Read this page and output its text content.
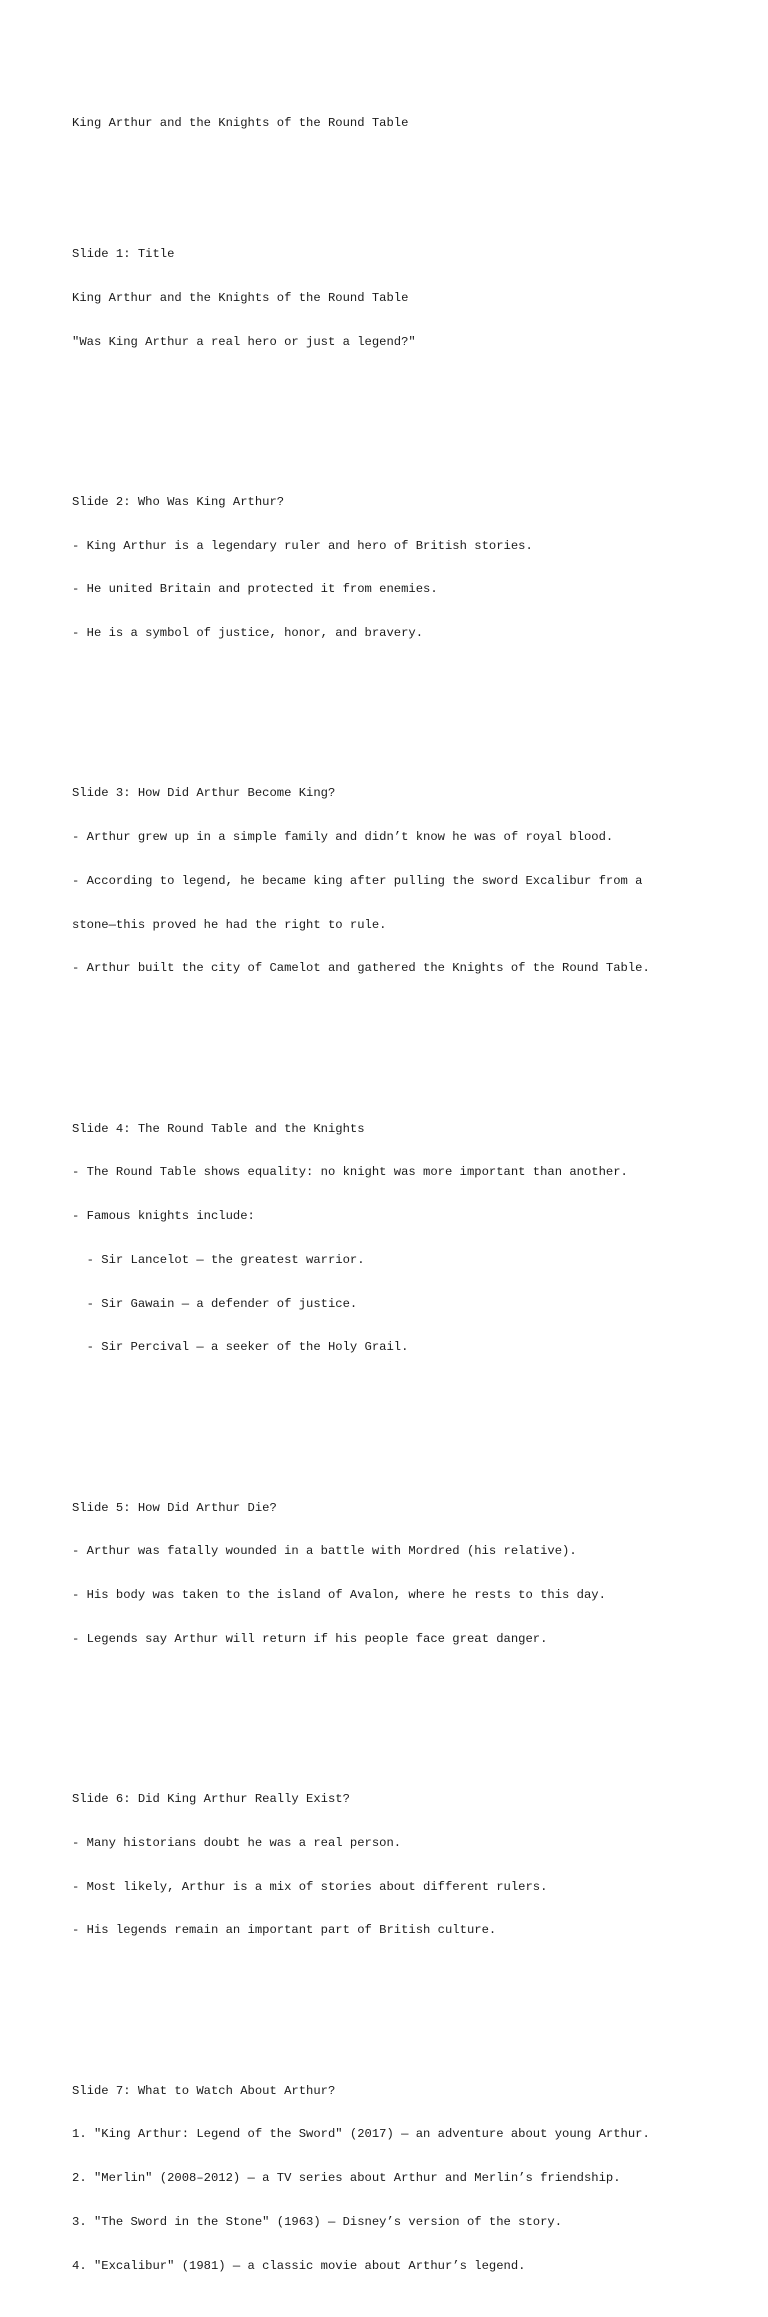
King Arthur and the Knights of the Round Table

Slide 1: Title

King Arthur and the Knights of the Round Table

"Was King Arthur a real hero or just a legend?"

Slide 2: Who Was King Arthur?

- King Arthur is a legendary ruler and hero of British stories.

- He united Britain and protected it from enemies.

- He is a symbol of justice, honor, and bravery.

Slide 3: How Did Arthur Become King?

- Arthur grew up in a simple family and didn’t know he was of royal blood.

- According to legend, he became king after pulling the sword Excalibur from a

stone—this proved he had the right to rule.

- Arthur built the city of Camelot and gathered the Knights of the Round Table.

Slide 4: The Round Table and the Knights

- The Round Table shows equality: no knight was more important than another.

- Famous knights include:

- Sir Lancelot — the greatest warrior.

- Sir Gawain — a defender of justice.

- Sir Percival — a seeker of the Holy Grail.

Slide 5: How Did Arthur Die?

- Arthur was fatally wounded in a battle with Mordred (his relative).

- His body was taken to the island of Avalon, where he rests to this day.

- Legends say Arthur will return if his people face great danger.

Slide 6: Did King Arthur Really Exist?

- Many historians doubt he was a real person.

- Most likely, Arthur is a mix of stories about different rulers.

- His legends remain an important part of British culture.

Slide 7: What to Watch About Arthur?

1. "King Arthur: Legend of the Sword" (2017) — an adventure about young Arthur.

2. "Merlin" (2008–2012) — a TV series about Arthur and Merlin’s friendship.

3. "The Sword in the Stone" (1963) — Disney’s version of the story.

4. "Excalibur" (1981) — a classic movie about Arthur’s legend.
